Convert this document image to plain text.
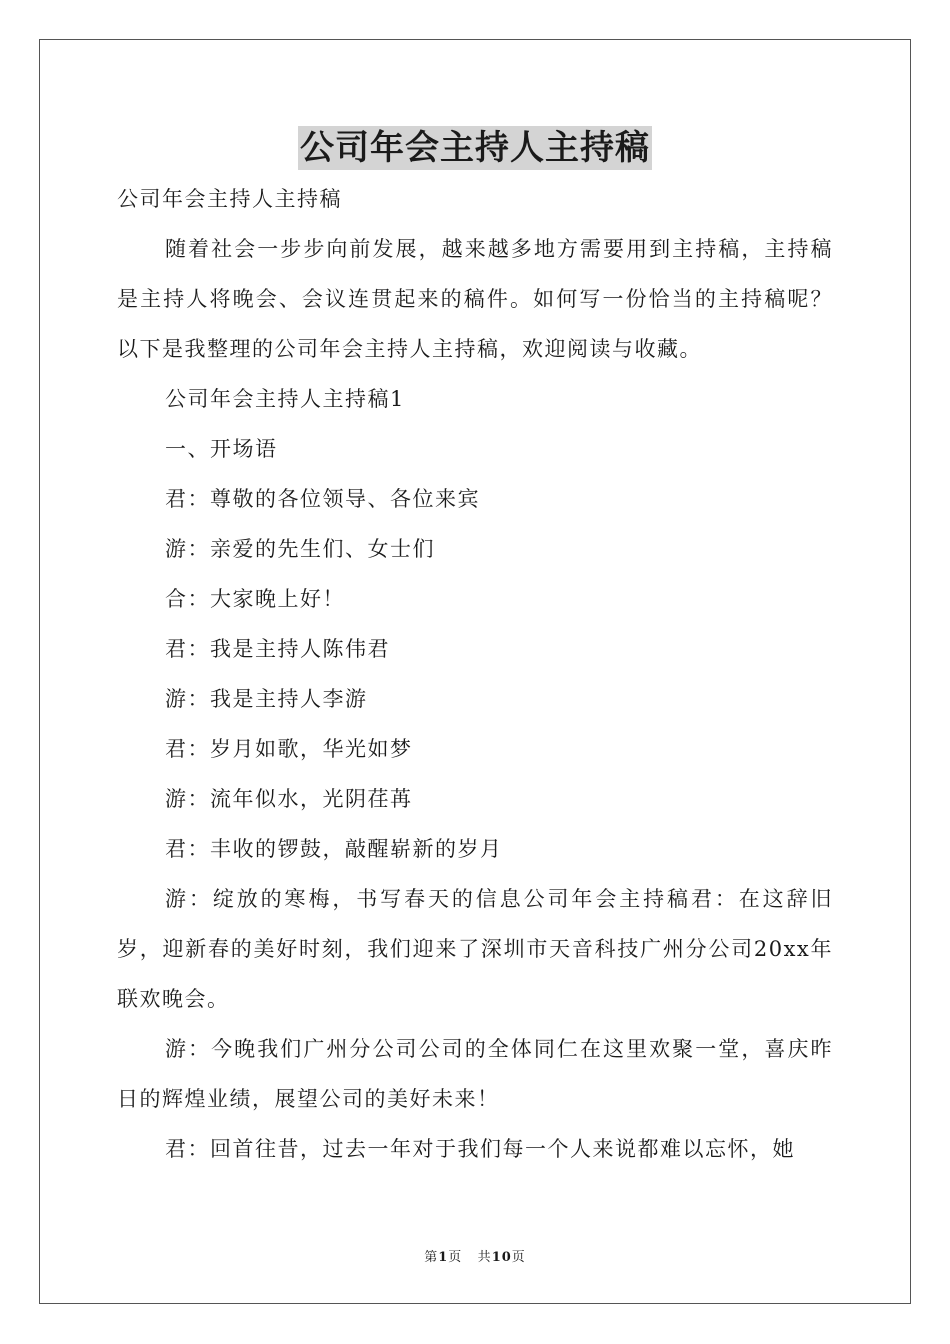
公司年会主持人主持稿

公司年会主持人主持稿

随着社会一步步向前发展，越来越多地方需要用到主持稿，主持稿是主持人将晚会、会议连贯起来的稿件。如何写一份恰当的主持稿呢？以下是我整理的公司年会主持人主持稿，欢迎阅读与收藏。

公司年会主持人主持稿1

一、开场语

君：尊敬的各位领导、各位来宾

游：亲爱的先生们、女士们

合：大家晚上好！

君：我是主持人陈伟君

游：我是主持人李游

君：岁月如歌，华光如梦

游：流年似水，光阴荏苒

君：丰收的锣鼓，敲醒崭新的岁月

游：绽放的寒梅，书写春天的信息公司年会主持稿君：在这辞旧岁，迎新春的美好时刻，我们迎来了深圳市天音科技广州分公司20xx年联欢晚会。

游：今晚我们广州分公司公司的全体同仁在这里欢聚一堂，喜庆昨日的辉煌业绩，展望公司的美好未来！

君：回首往昔，过去一年对于我们每一个人来说都难以忘怀，她

第1页 共10页
